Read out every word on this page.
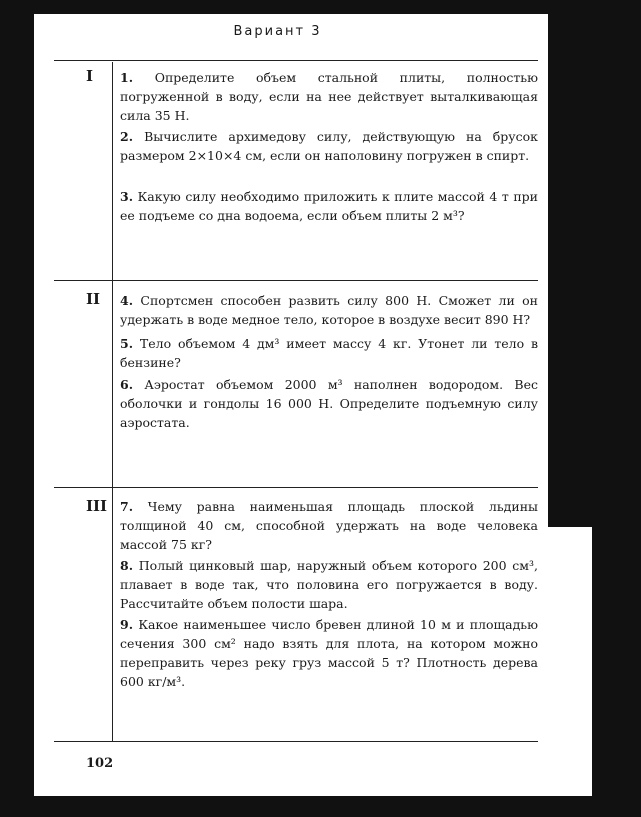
Вариант 3
I 1. Определите объем стальной плиты, полностью погруженной в воду, если на нее действует выталкивающая сила 35 Н.

2. Вычислите архимедову силу, действующую на брусок размером 2×10×4 см, если он наполовину погружен в спирт.

3. Какую силу необходимо приложить к плите массой 4 т при ее подъеме со дна водоема, если объем плиты 2 м³?

II 4. Спортсмен способен развить силу 800 Н. Сможет ли он удержать в воде медное тело, которое в воздухе весит 890 Н?

5. Тело объемом 4 дм³ имеет массу 4 кг. Утонет ли тело в бензине?

6. Аэростат объемом 2000 м³ наполнен водородом. Вес оболочки и гондолы 16 000 Н. Определите подъемную силу аэростата.

III 7. Чему равна наименьшая площадь плоской льдины толщиной 40 см, способной удержать на воде человека массой 75 кг?

8. Полый цинковый шар, наружный объем которого 200 см³, плавает в воде так, что половина его погружается в воду. Рассчитайте объем полости шара.

9. Какое наименьшее число бревен длиной 10 м и площадью сечения 300 см² надо взять для плота, на котором можно переправить через реку груз массой 5 т? Плотность дерева 600 кг/м³.

102
